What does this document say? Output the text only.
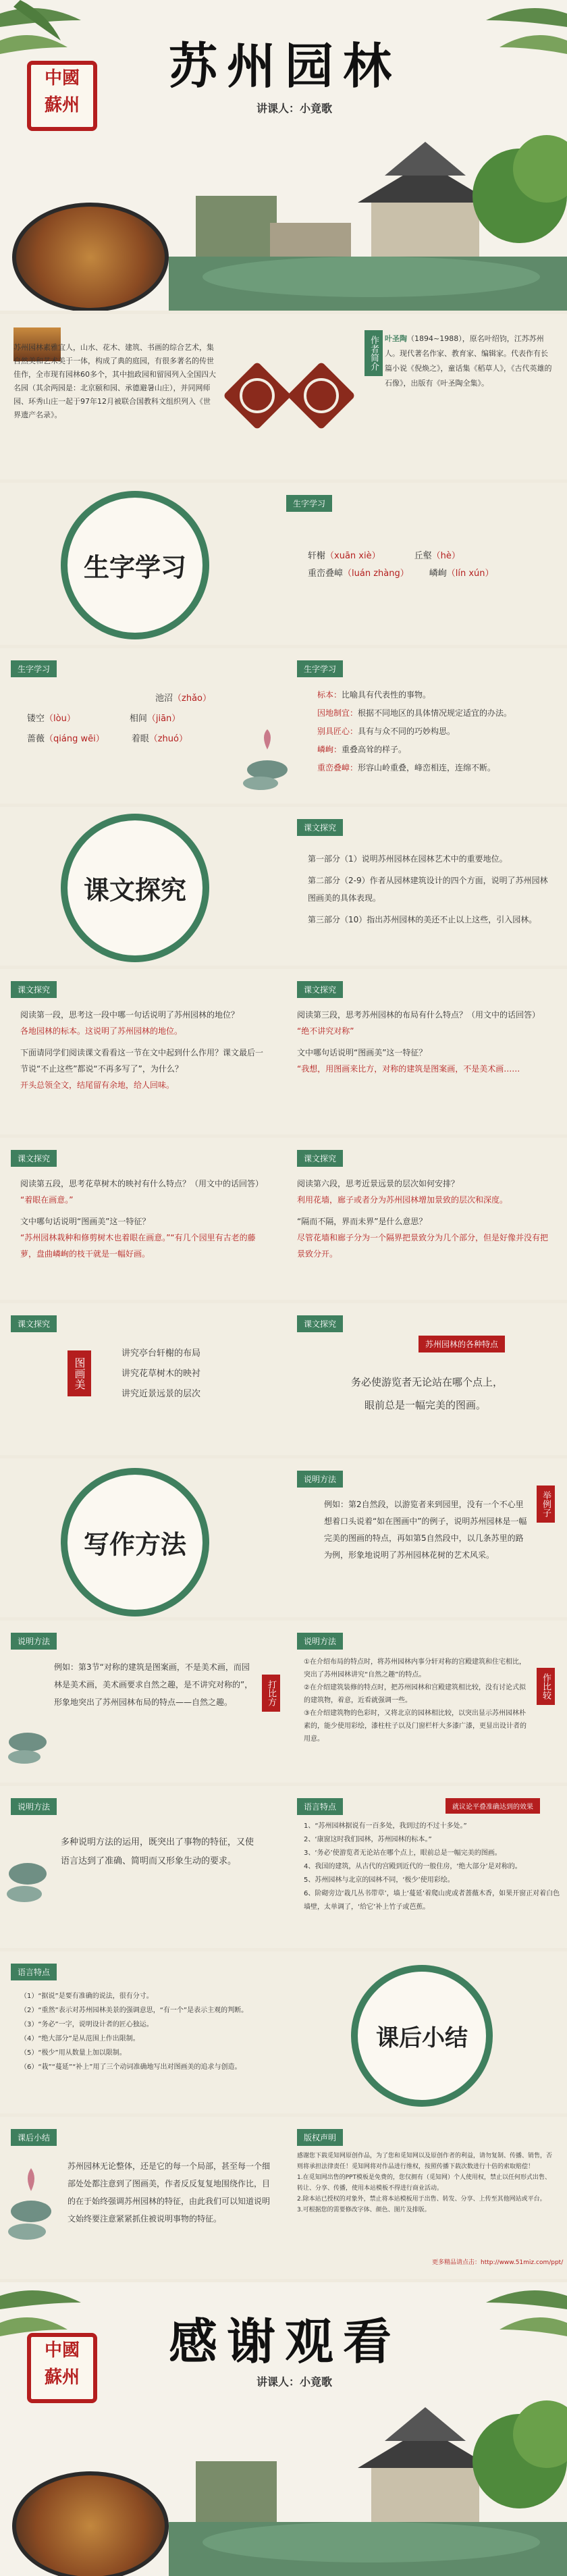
苏州园林
讲课人：小竟歌
中國
蘇州
苏州园林素雅宜人，山水、花木、建筑、书画的综合艺术，集自然美和艺术美于一体，构成了典的庭园，有很多著名的传世佳作，全市现有园林60多个，其中拙政园和留园列入全国四大名园（其余两园是：北京颐和园、承德避暑山庄），并同网师园、环秀山庄一起于97年12月被联合国教科文组织列入《世界遗产名录》。
作者简介 叶圣陶（1894~1988），原名叶绍钧，江苏苏州人。现代著名作家、教育家、编辑家。代表作有长篇小说《倪焕之》，童话集《稻草人》，《古代英雄的石像》，出版有《叶圣陶全集》。
生字学习
生字学习
轩榭（xuān xiè）	丘壑（hè）
重峦叠嶂（luán zhàng） 嶙峋（lín xún）
生字学习
池沼（zhǎo）
镂空（lòu）	相间（jiān）
蔷薇（qiáng wēi）	着眼（zhuó）
生字学习
标本：比喻具有代表性的事物。
因地制宜：根据不同地区的具体情况规定适宜的办法。
别具匠心：具有与众不同的巧妙构思。
嶙峋：重叠高耸的样子。
重峦叠嶂：形容山岭重叠，峰峦相连，连绵不断。
课文探究
课文探究
第一部分（1）说明苏州园林在园林艺术中的重要地位。
第二部分（2-9）作者从园林建筑设计的四个方面，说明了苏州园林图画美的具体表现。
第三部分（10）指出苏州园林的美还不止以上这些，引入园林。
课文探究
阅读第一段，思考这一段中哪一句话说明了苏州园林的地位？
各地园林的标本。这说明了苏州园林的地位。
下面请同学们阅读课文看看这一节在文中起到什么作用？课文最后一节说“不止这些”都说“不再多写了”，为什么？
开头总领全文，结尾留有余地，给人回味。
课文探究
阅读第三段，思考苏州园林的布局有什么特点？（用文中的话回答）
“绝不讲究对称”
文中哪句话说明“图画美”这一特征？
“我想，用图画来比方，对称的建筑是图案画，不是美术画……
课文探究
阅读第五段，思考花草树木的映衬有什么特点？（用文中的话回答）
“着眼在画意。”
文中哪句话说明“图画美”这一特征？
“苏州园林栽种和修剪树木也着眼在画意。”“有几个园里有古老的藤萝，盘曲嶙峋的枝干就是一幅好画。
课文探究
阅读第六段，思考近景远景的层次如何安排？
利用花墙，廊子或者分为苏州园林增加景致的层次和深度。
“隔而不隔，界而未界”是什么意思？
尽管花墙和廊子分为一个隔界把景致分为几个部分，但是好像并没有把景致分开。
课文探究
图画美
讲究亭台轩榭的布局
讲究花草树木的映衬
讲究近景远景的层次
课文探究
苏州园林的各种特点
务必使游览者无论站在哪个点上，
眼前总是一幅完美的图画。
写作方法
说明方法
举例子
例如：第2自然段，以游览者来到园里，没有一个不心里想着口头说着“如在图画中”的例子，说明苏州园林是一幅完美的图画的特点，再如第5自然段中，以几条苏里的路为例，形象地说明了苏州园林花树的艺术风采。
说明方法
例如：第3节“对称的建筑是图案画，不是美术画，而园林是美术画，美术画要求自然之趣，是不讲究对称的”，形象地突出了苏州园林布局的特点——自然之趣。	打比方
说明方法
①在介绍布局的特点时，将苏州园林内事分轩对称的宫殿建筑和住宅相比，突出了苏州园林讲究“自然之趣”的特点。
②在介绍建筑装修的特点时，把苏州园林和宫殿建筑相比较，没有讨论式拟的建筑物，着意，近看就强调一些。
③在介绍建筑物的色彩时，又将北京的园林相比较，以突出显示苏州园林朴素的，能少使用彩绘，漆柱柱子以及门窗栏杆大多漆广漆，更显出设计者的用意。
作比较
说明方法
多种说明方法的运用，既突出了事物的特征，又使语言达到了准确、简明而又形象生动的要求。
语言特点	就议论平叠准确达到的效果
1、“苏州园林据说有一百多处，我到过的不过十多处。”
2、‘康窗这时我们园林，苏州园林的标本。”
3、‘务必’使游览者无论站在哪个点上，眼前总是一幅完美的图画。
4、我国的建筑，从古代的宫殿到近代的一般住房，‘绝大部分’是对称的。
5、苏州园林与北京的园林不同，‘极少’使用彩绘。
6、阶砌旁边‘栽几丛书带草’，墙上‘蔓延’着爬山虎或者蔷薇木香，如果开窗正对着白色墙壁，太单调了，‘给它’补上竹子或芭蕉。
语言特点
（1）“据说”是要有准确的说法，很有分寸。
（2）“重然”表示对苏州园林美景的强调意思，“有一个”是表示主观的判断。
（3）“务必”一字，说明设计者的匠心独运。
（4）“绝大部分”是从范围上作出限制。
（5）“极少”用从数量上加以限制。
（6）“栽”“蔓延”“补上”用了三个动词准确地写出对图画美的追求与创造。
课后小结
课后小结
苏州园林无论整体，还是它的每一个局部，甚至每一个细部处处都注意到了图画美，作者反反复复地围绕作比，目的在于始终强调苏州园林的特征，由此我们可以知道说明文始终要注意紧紧抓住被说明事物的特征。
版权声明
感谢您下载觅知网原创作品，为了您和觅知网以及原创作者的利益，请勿复制、传播、销售，否则将承担法律责任！觅知网将对作品进行维权，按照传播下载次数进行十倍的索取赔偿！
1.在觅知网出售的PPT模板是免费的，您仅拥有（觅知网）个人使用权，禁止以任何形式出售、转让、分享、传播，使用本站模板不得进行商业活动。
2.除本站已授权的对象外，禁止将本站模板用于出售、转发、分享、上传至其他网站或平台。
3.可根据您的需要修改字体、颜色、图片及排版。
更多精品请点击：http://www.51miz.com/ppt/
感谢观看
讲课人：小竟歌
中國
蘇州
